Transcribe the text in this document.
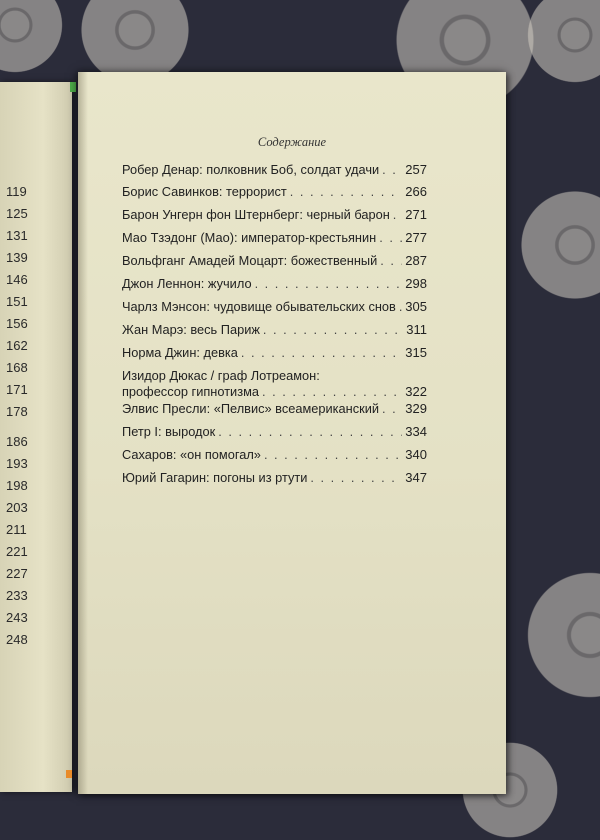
119
125
131
139
146
151
156
162
168
171
178
186
193
198
203
211
221
227
233
243
248
Содержание
Робер Денар: полковник Боб, солдат удачи . . . 257
Борис Савинков: террорист . . .	266
Барон Унгерн фон Штернберг: черный барон . . . 271
Мао Тзэдонг (Мао): император-крестьянин . . . 277
Вольфганг Амадей Моцарт: божественный . . . 287
Джон Леннон: жучило . . .	298
Чарлз Мэнсон: чудовище обывательских снов . . . 305
Жан Марэ: весь Париж . . .	311
Норма Джин: девка . . .	315
Изидор Дюкас / граф Лотреамон:
профессор гипнотизма . . .	322
Элвис Пресли: «Пелвис» всеамериканский . . . 329
Петр I: выродок . . .	334
Сахаров: «он помогал» . . .	340
Юрий Гагарин: погоны из ртути . . .	347
